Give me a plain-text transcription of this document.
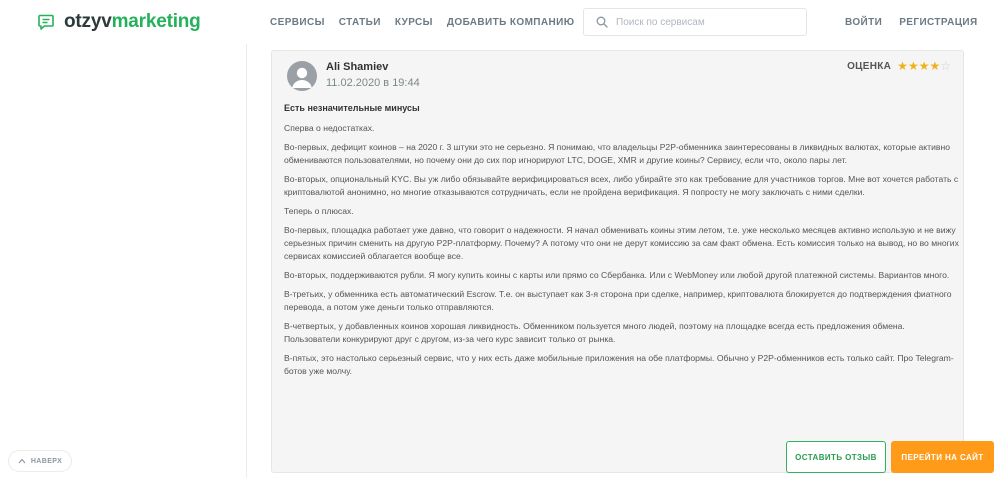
otzyvmarketing	СЕРВИСЫ СТАТЬИ КУРСЫ ДОБАВИТЬ КОМПАНИЮ
Поиск по сервисам	ВОЙТИ РЕГИСТРАЦИЯ
Ali Shamiev
11.02.2020 в 19:44
ОЦЕНКА ★ ★ ★ ★ ☆
Есть незначительные минусы

Сперва о недостатках.

Во-первых, дефицит коинов – на 2020 г. 3 штуки это не серьезно. Я понимаю, что владельцы P2P-обменника заинтересованы в ликвидных валютах, которые активно обмениваются пользователями, но почему они до сих пор игнорируют LTC, DOGE, XMR и другие коины? Сервису, если что, около пары лет.

Во-вторых, опциональный KYC. Вы уж либо обязывайте верифицироваться всех, либо убирайте это как требование для участников торгов. Мне вот хочется работать с криптовалютой анонимно, но многие отказываются сотрудничать, если не пройдена верификация. Я попросту не могу заключать с ними сделки.

Теперь о плюсах.

Во-первых, площадка работает уже давно, что говорит о надежности. Я начал обменивать коины этим летом, т.е. уже несколько месяцев активно использую и не вижу серьезных причин сменить на другую P2P-платформу. Почему? А потому что они не дерут комиссию за сам факт обмена. Есть комиссия только на вывод, но во многих сервисах комиссией облагается вообще все.

Во-вторых, поддерживаются рубли. Я могу купить коины с карты или прямо со Сбербанка. Или с WebMoney или любой другой платежной системы. Вариантов много.

В-третьих, у обменника есть автоматический Escrow. Т.е. он выступает как 3-я сторона при сделке, например, криптовалюта блокируется до подтверждения фиатного перевода, а потом уже деньги только отправляются.

В-четвертых, у добавленных коинов хорошая ликвидность. Обменником пользуется много людей, поэтому на площадке всегда есть предложения обмена. Пользователи конкурируют друг с другом, из-за чего курс зависит только от рынка.

В-пятых, это настолько серьезный сервис, что у них есть даже мобильные приложения на обе платформы. Обычно у P2P-обменников есть только сайт. Про Telegram-ботов уже молчу.

НАВЕРХ	ОСТАВИТЬ ОТЗЫВ	ПЕРЕЙТИ НА САЙТ
